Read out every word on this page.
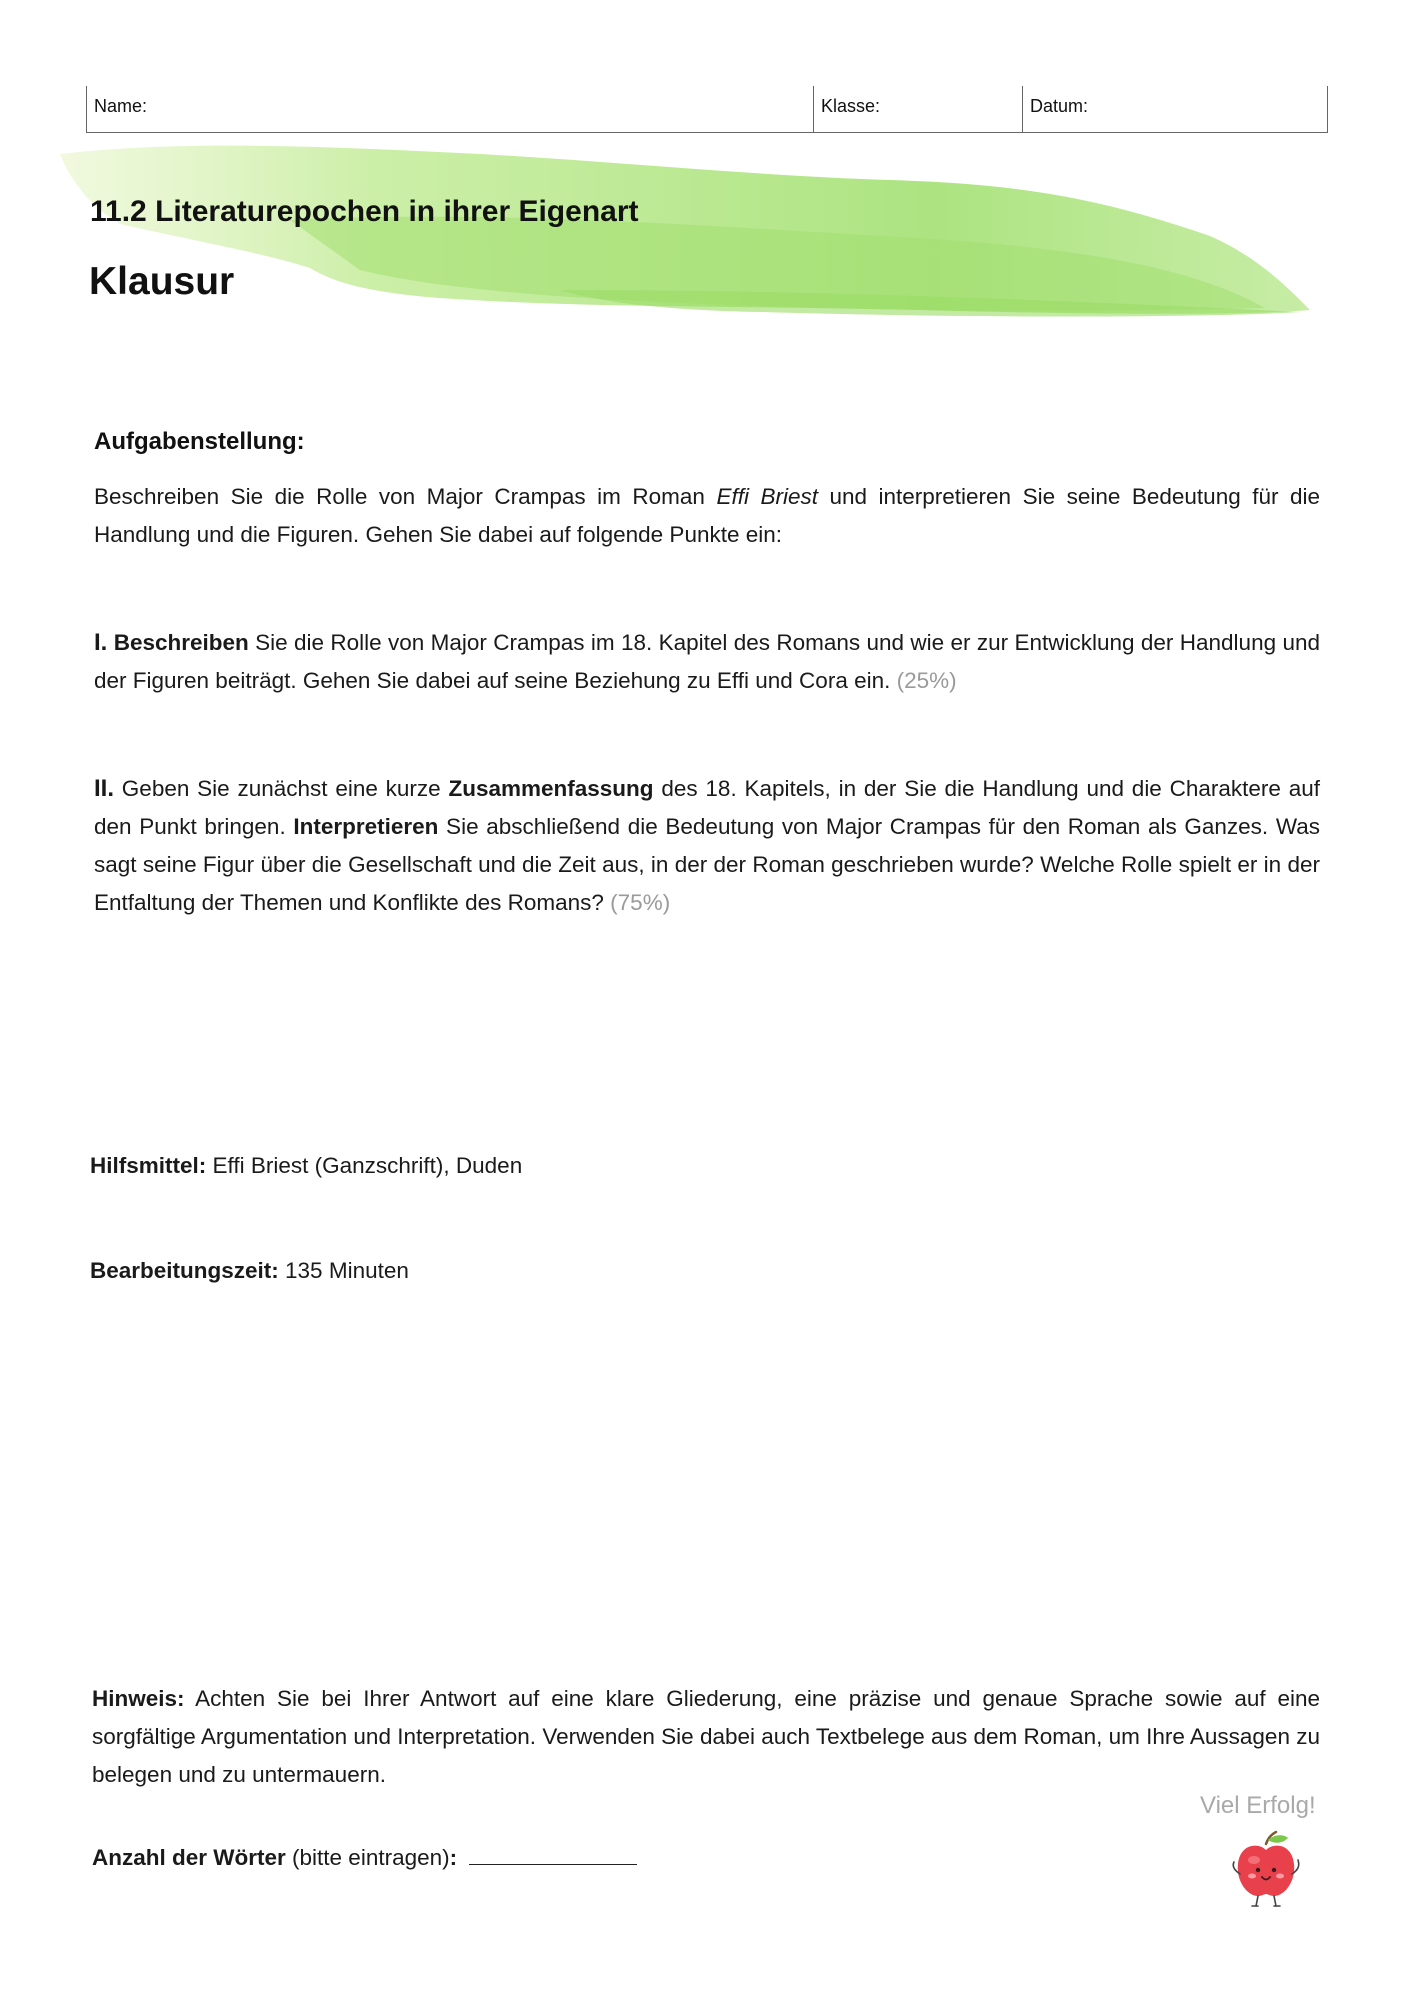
Name:	Klasse:	Datum:
11.2 Literaturepochen in ihrer Eigenart
Klausur
Aufgabenstellung:
Beschreiben Sie die Rolle von Major Crampas im Roman Effi Briest und interpretieren Sie seine Bedeutung für die Handlung und die Figuren. Gehen Sie dabei auf folgende Punkte ein:
I. Beschreiben Sie die Rolle von Major Crampas im 18. Kapitel des Romans und wie er zur Entwicklung der Handlung und der Figuren beiträgt. Gehen Sie dabei auf seine Beziehung zu Effi und Cora ein. (25%)
II. Geben Sie zunächst eine kurze Zusammenfassung des 18. Kapitels, in der Sie die Handlung und die Charaktere auf den Punkt bringen. Interpretieren Sie abschließend die Bedeutung von Major Crampas für den Roman als Ganzes. Was sagt seine Figur über die Gesellschaft und die Zeit aus, in der der Roman geschrieben wurde? Welche Rolle spielt er in der Entfaltung der Themen und Konflikte des Romans? (75%)
Hilfsmittel: Effi Briest (Ganzschrift), Duden
Bearbeitungszeit: 135 Minuten
Hinweis: Achten Sie bei Ihrer Antwort auf eine klare Gliederung, eine präzise und genaue Sprache sowie auf eine sorgfältige Argumentation und Interpretation. Verwenden Sie dabei auch Textbelege aus dem Roman, um Ihre Aussagen zu belegen und zu untermauern.
Viel Erfolg!
Anzahl der Wörter (bitte eintragen):
